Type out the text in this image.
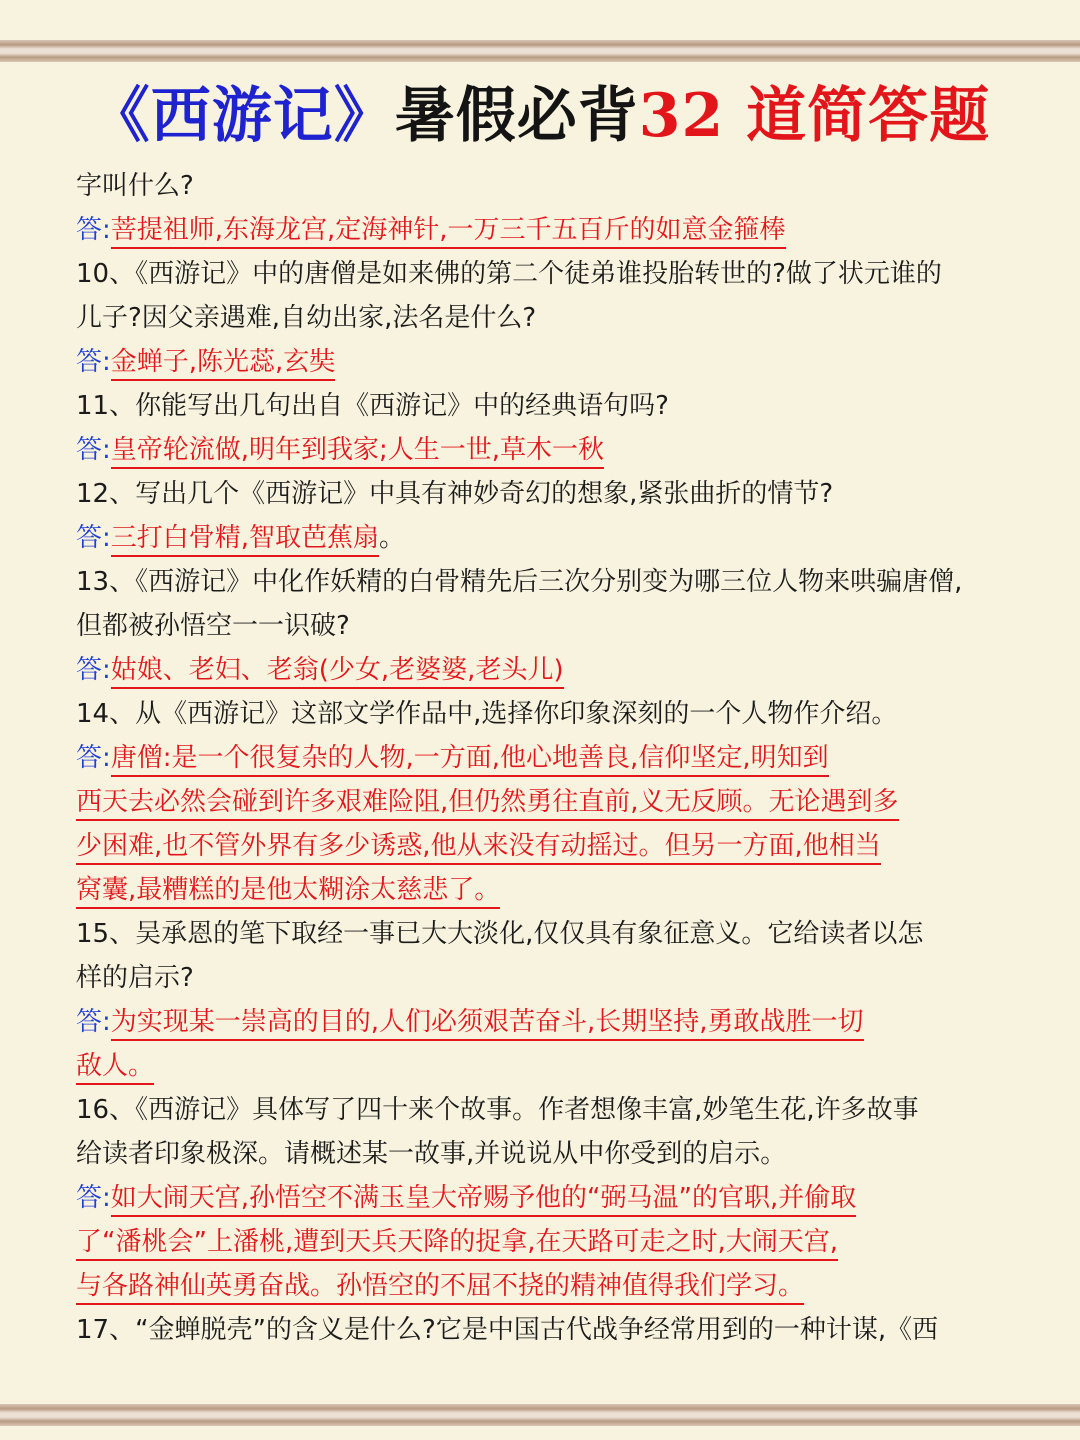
《西游记》暑假必背32 道简答题
字叫什么?
答:菩提祖师,东海龙宫,定海神针,一万三千五百斤的如意金箍棒
10、《西游记》中的唐僧是如来佛的第二个徒弟谁投胎转世的?做了状元谁的
儿子?因父亲遇难,自幼出家,法名是什么?
答:金蝉子,陈光蕊,玄奘
11、你能写出几句出自《西游记》中的经典语句吗?
答:皇帝轮流做,明年到我家;人生一世,草木一秋
12、写出几个《西游记》中具有神妙奇幻的想象,紧张曲折的情节?
答:三打白骨精,智取芭蕉扇。
13、《西游记》中化作妖精的白骨精先后三次分别变为哪三位人物来哄骗唐僧,
但都被孙悟空一一识破?
答:姑娘、老妇、老翁(少女,老婆婆,老头儿)
14、从《西游记》这部文学作品中,选择你印象深刻的一个人物作介绍。
答:唐僧:是一个很复杂的人物,一方面,他心地善良,信仰坚定,明知到
西天去必然会碰到许多艰难险阻,但仍然勇往直前,义无反顾。无论遇到多
少困难,也不管外界有多少诱惑,他从来没有动摇过。但另一方面,他相当
窝囊,最糟糕的是他太糊涂太慈悲了。
15、吴承恩的笔下取经一事已大大淡化,仅仅具有象征意义。它给读者以怎
样的启示?
答:为实现某一崇高的目的,人们必须艰苦奋斗,长期坚持,勇敢战胜一切
敌人。
16、《西游记》具体写了四十来个故事。作者想像丰富,妙笔生花,许多故事
给读者印象极深。请概述某一故事,并说说从中你受到的启示。
答:如大闹天宫,孙悟空不满玉皇大帝赐予他的“弼马温”的官职,并偷取
了“潘桃会”上潘桃,遭到天兵天降的捉拿,在天路可走之时,大闹天宫,
与各路神仙英勇奋战。孙悟空的不屈不挠的精神值得我们学习。
17、“金蝉脱壳”的含义是什么?它是中国古代战争经常用到的一种计谋,《西
